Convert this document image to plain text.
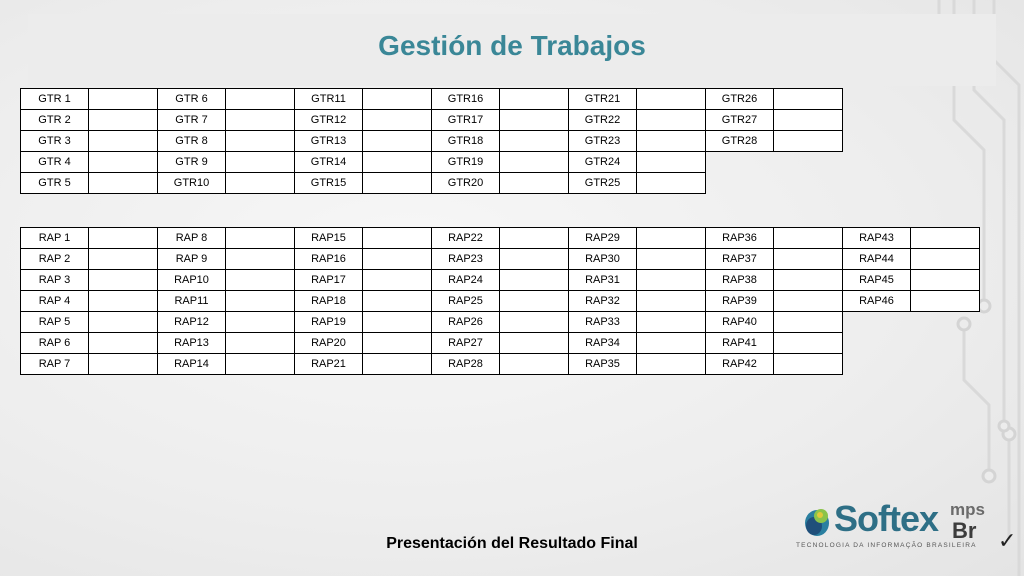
Gestión de Trabajos
GTR 1		GTR 6		GTR11		GTR16		GTR21		GTR26	
GTR 2		GTR 7		GTR12		GTR17		GTR22		GTR27	
GTR 3		GTR 8		GTR13		GTR18		GTR23		GTR28	
GTR 4		GTR 9		GTR14		GTR19		GTR24			
GTR 5		GTR10		GTR15		GTR20		GTR25			
RAP 1		RAP 8		RAP15		RAP22		RAP29		RAP36		RAP43	
RAP 2		RAP 9		RAP16		RAP23		RAP30		RAP37		RAP44	
RAP 3		RAP10		RAP17		RAP24		RAP31		RAP38		RAP45	
RAP 4		RAP11		RAP18		RAP25		RAP32		RAP39		RAP46	
RAP 5		RAP12		RAP19		RAP26		RAP33		RAP40			
RAP 6		RAP13		RAP20		RAP27		RAP34		RAP41			
RAP 7		RAP14		RAP21		RAP28		RAP35		RAP42			
Presentación del Resultado Final
Softex
TECNOLOGIA DA INFORMAÇÃO BRASILEIRA
mps
Br ✓
